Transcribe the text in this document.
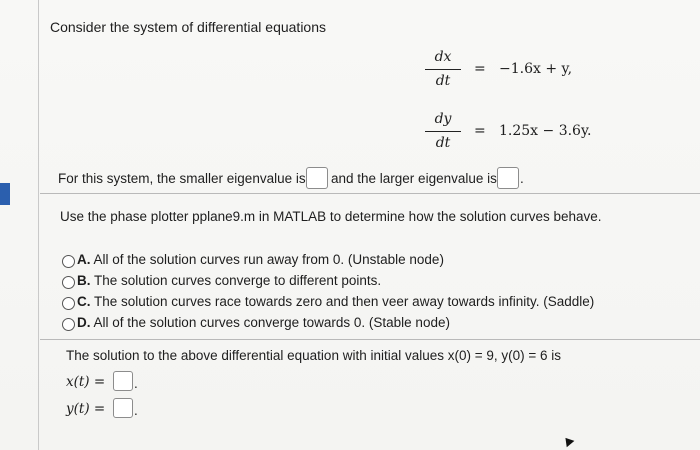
Consider the system of differential equations
dx
dt
= −1.6x + y,
dy
dt
= 1.25x − 3.6y.
For this system, the smaller eigenvalue is and the larger eigenvalue is .
Use the phase plotter pplane9.m in MATLAB to determine how the solution curves behave.
A. All of the solution curves run away from 0. (Unstable node)
B. The solution curves converge to different points.
C. The solution curves race towards zero and then veer away towards infinity. (Saddle)
D. All of the solution curves converge towards 0. (Stable node)
The solution to the above differential equation with initial values x(0) = 9, y(0) = 6 is
x(t) = .
y(t) = .
